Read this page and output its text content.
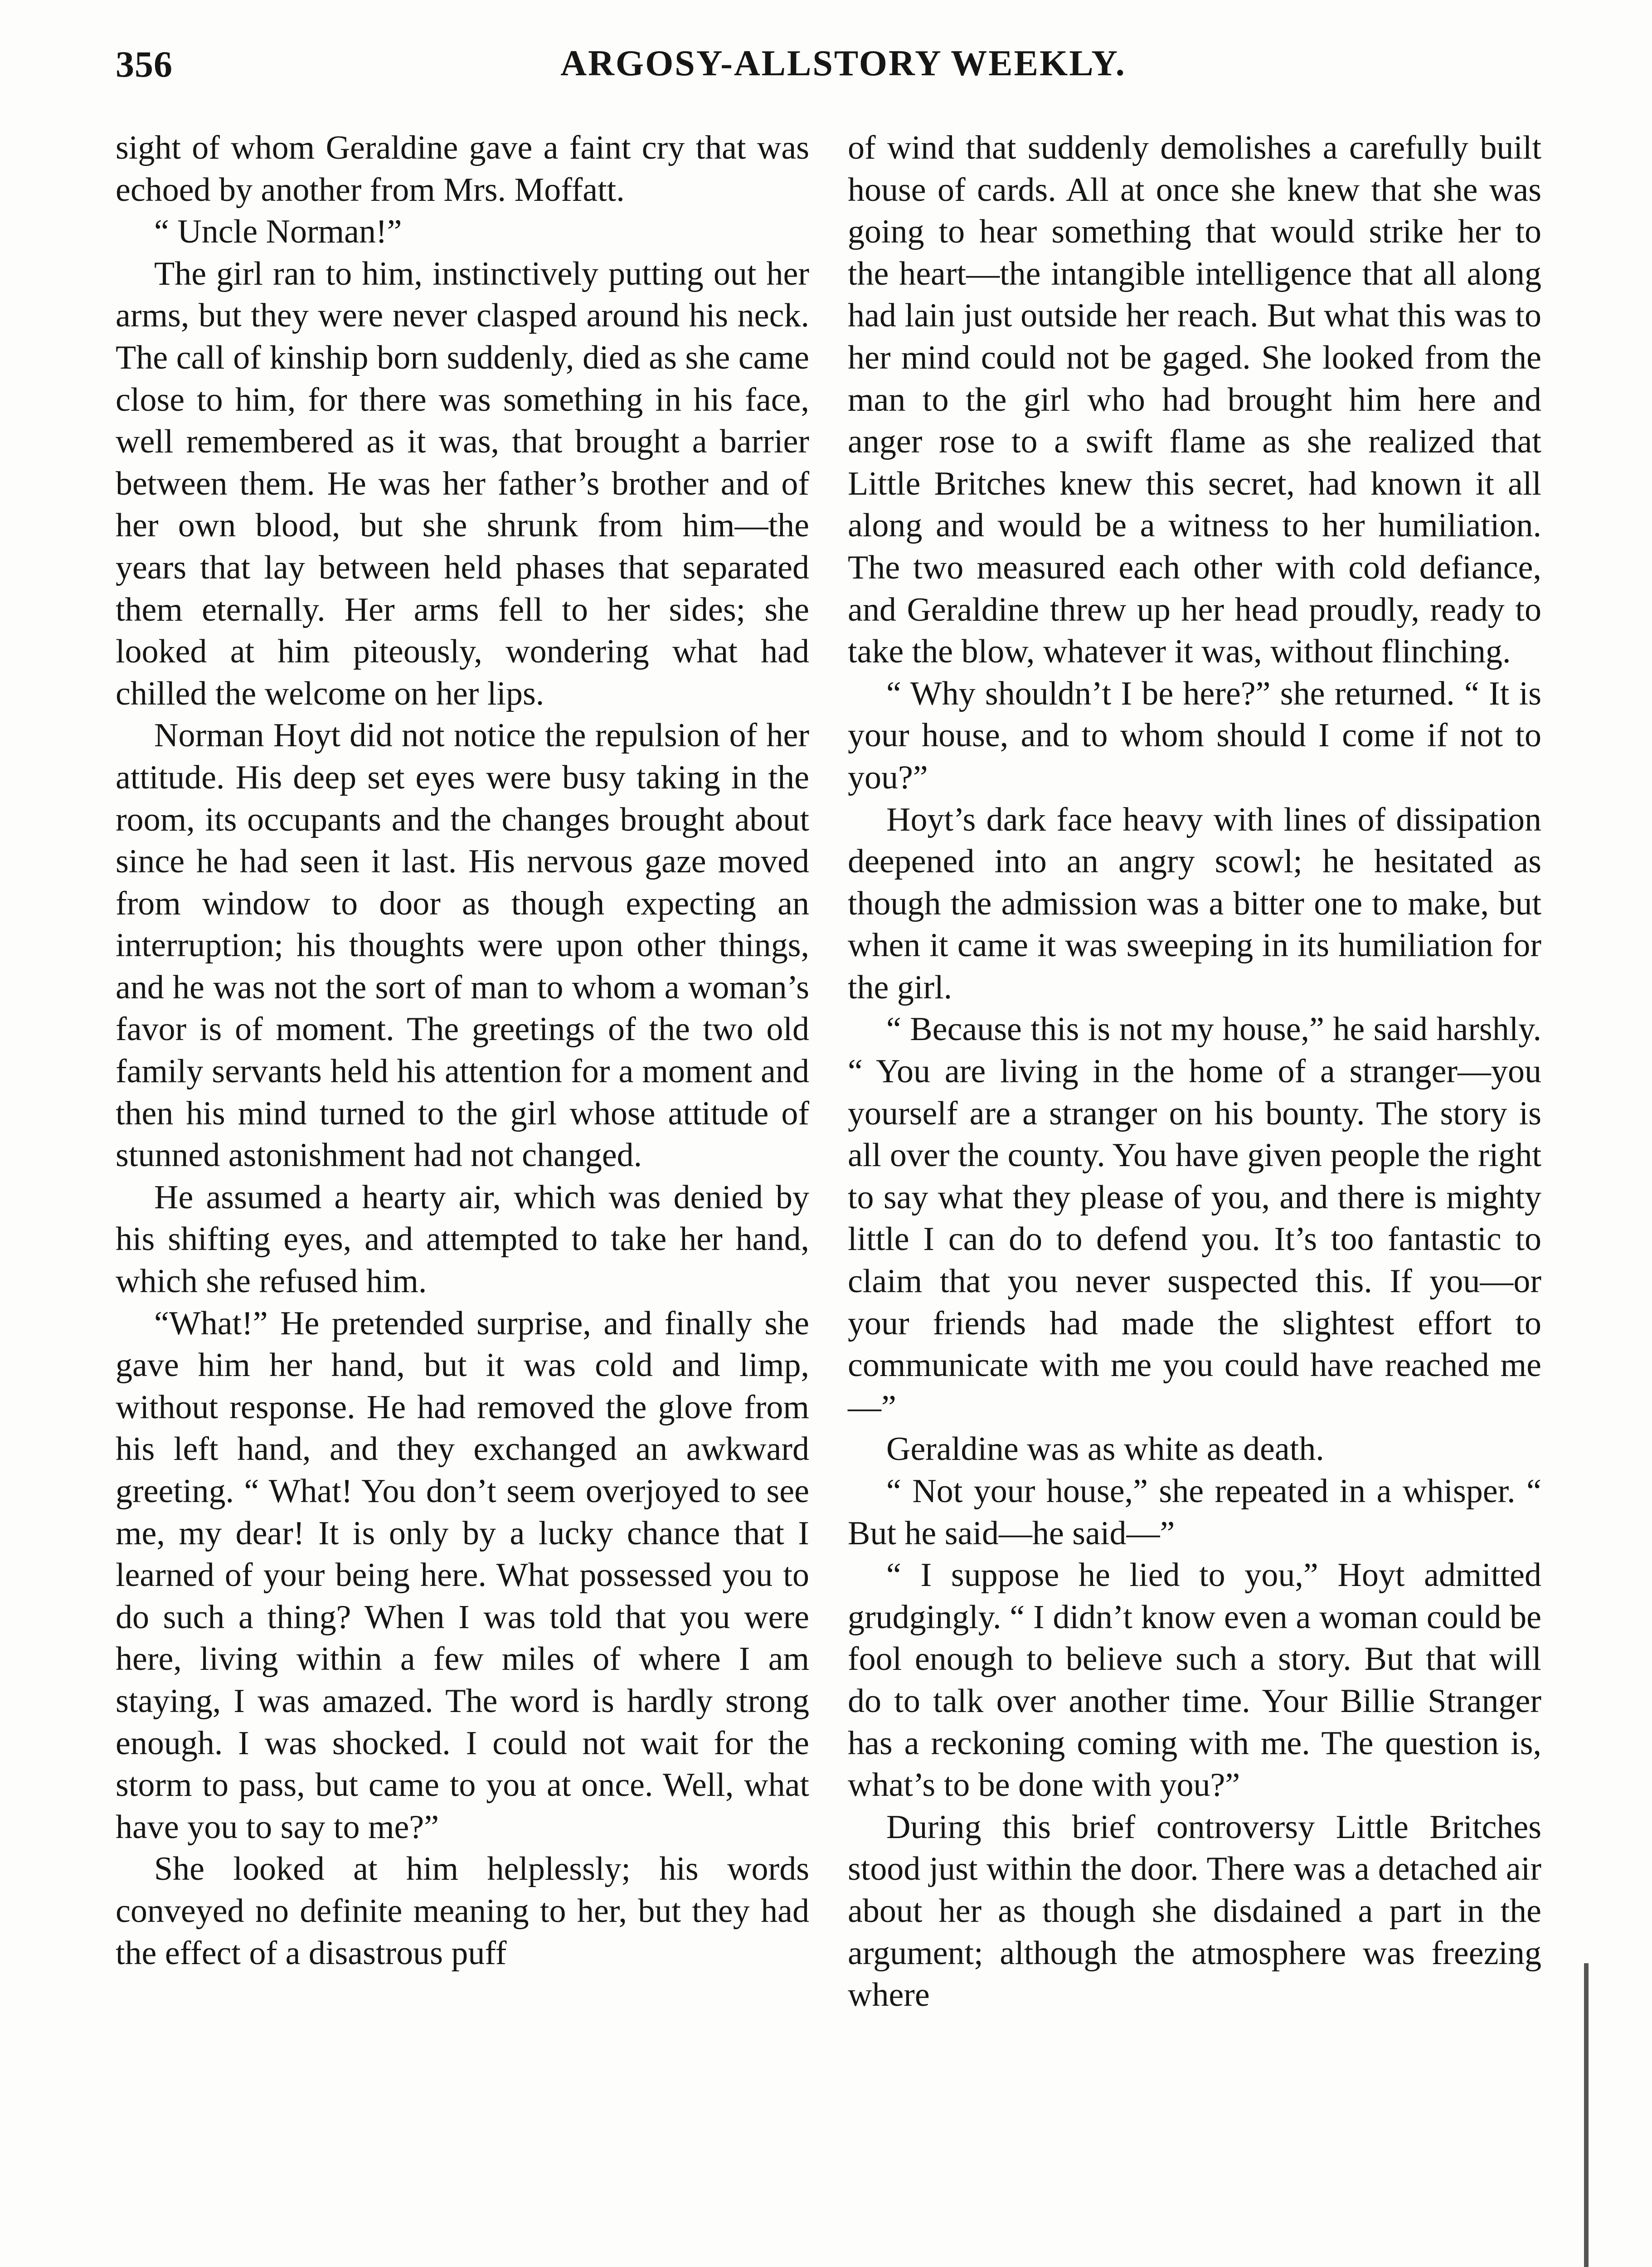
356	ARGOSY-ALLSTORY WEEKLY.

sight of whom Geraldine gave a faint cry that was echoed by another from Mrs. Moffatt.

“ Uncle Norman!”

The girl ran to him, instinctively putting out her arms, but they were never clasped around his neck. The call of kinship born suddenly, died as she came close to him, for there was something in his face, well remembered as it was, that brought a barrier between them. He was her father’s brother and of her own blood, but she shrunk from him—the years that lay between held phases that separated them eternally. Her arms fell to her sides; she looked at him piteously, wondering what had chilled the welcome on her lips.

Norman Hoyt did not notice the repulsion of her attitude. His deep set eyes were busy taking in the room, its occupants and the changes brought about since he had seen it last. His nervous gaze moved from window to door as though expecting an interruption; his thoughts were upon other things, and he was not the sort of man to whom a woman’s favor is of moment. The greetings of the two old family servants held his attention for a moment and then his mind turned to the girl whose attitude of stunned astonishment had not changed.

He assumed a hearty air, which was denied by his shifting eyes, and attempted to take her hand, which she refused him.

“What!” He pretended surprise, and finally she gave him her hand, but it was cold and limp, without response. He had removed the glove from his left hand, and they exchanged an awkward greeting. “ What! You don’t seem overjoyed to see me, my dear! It is only by a lucky chance that I learned of your being here. What possessed you to do such a thing? When I was told that you were here, living within a few miles of where I am staying, I was amazed. The word is hardly strong enough. I was shocked. I could not wait for the storm to pass, but came to you at once. Well, what have you to say to me?”

She looked at him helplessly; his words conveyed no definite meaning to her, but they had the effect of a disastrous puff

of wind that suddenly demolishes a carefully built house of cards. All at once she knew that she was going to hear something that would strike her to the heart—the intangible intelligence that all along had lain just outside her reach. But what this was to her mind could not be gaged. She looked from the man to the girl who had brought him here and anger rose to a swift flame as she realized that Little Britches knew this secret, had known it all along and would be a witness to her humiliation. The two measured each other with cold defiance, and Geraldine threw up her head proudly, ready to take the blow, whatever it was, without flinching.

“ Why shouldn’t I be here?” she returned. “ It is your house, and to whom should I come if not to you?”

Hoyt’s dark face heavy with lines of dissipation deepened into an angry scowl; he hesitated as though the admission was a bitter one to make, but when it came it was sweeping in its humiliation for the girl.

“ Because this is not my house,” he said harshly. “ You are living in the home of a stranger—you yourself are a stranger on his bounty. The story is all over the county. You have given people the right to say what they please of you, and there is mighty little I can do to defend you. It’s too fantastic to claim that you never suspected this. If you—or your friends had made the slightest effort to communicate with me you could have reached me—”

Geraldine was as white as death.

“ Not your house,” she repeated in a whisper. “ But he said—he said—”

“ I suppose he lied to you,” Hoyt admitted grudgingly. “ I didn’t know even a woman could be fool enough to believe such a story. But that will do to talk over another time. Your Billie Stranger has a reckoning coming with me. The question is, what’s to be done with you?”

During this brief controversy Little Britches stood just within the door. There was a detached air about her as though she disdained a part in the argument; although the atmosphere was freezing where
